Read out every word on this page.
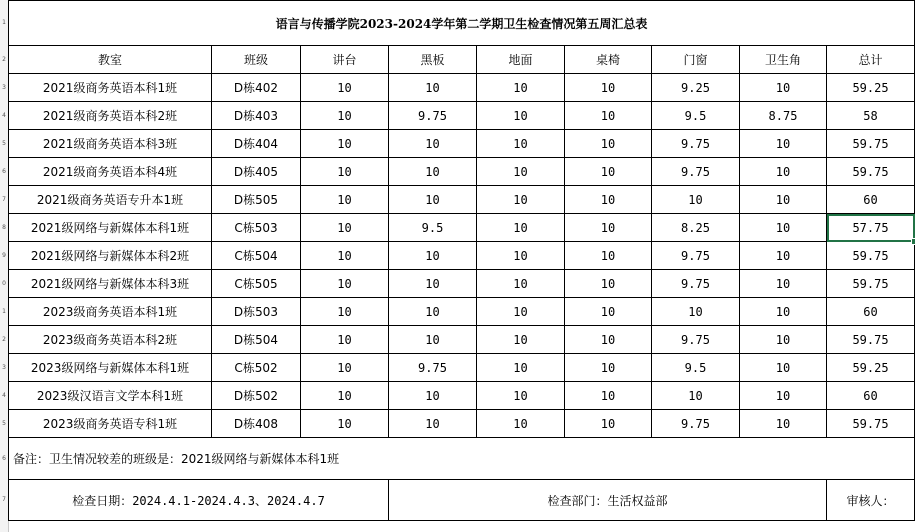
1
2
3
4
5
6
7
8
9
0
1
2
3
4
5
6
7
语言与传播学院2023-2024学年第二学期卫生检查情况第五周汇总表								
教室	班级	讲台	黑板	地面	桌椅	门窗	卫生角	总计
2021级商务英语本科1班	D栋402	10	10	10	10	9.25	10	59.25
2021级商务英语本科2班	D栋403	10	9.75	10	10	9.5	8.75	58
2021级商务英语本科3班	D栋404	10	10	10	10	9.75	10	59.75
2021级商务英语本科4班	D栋405	10	10	10	10	9.75	10	59.75
2021级商务英语专升本1班	D栋505	10	10	10	10	10	10	60
2021级网络与新媒体本科1班	C栋503	10	9.5	10	10	8.25	10	57.75
2021级网络与新媒体本科2班	C栋504	10	10	10	10	9.75	10	59.75
2021级网络与新媒体本科3班	C栋505	10	10	10	10	9.75	10	59.75
2023级商务英语本科1班	D栋503	10	10	10	10	10	10	60
2023级商务英语本科2班	D栋504	10	10	10	10	9.75	10	59.75
2023级网络与新媒体本科1班	C栋502	10	9.75	10	10	9.5	10	59.25
2023级汉语言文学本科1班	D栋502	10	10	10	10	10	10	60
2023级商务英语专科1班	D栋408	10	10	10	10	9.75	10	59.75
备注：卫生情况较差的班级是：2021级网络与新媒体本科1班								
检查日期：2024.4.1-2024.4.3、2024.4.7			检查部门：生活权益部					审核人：
